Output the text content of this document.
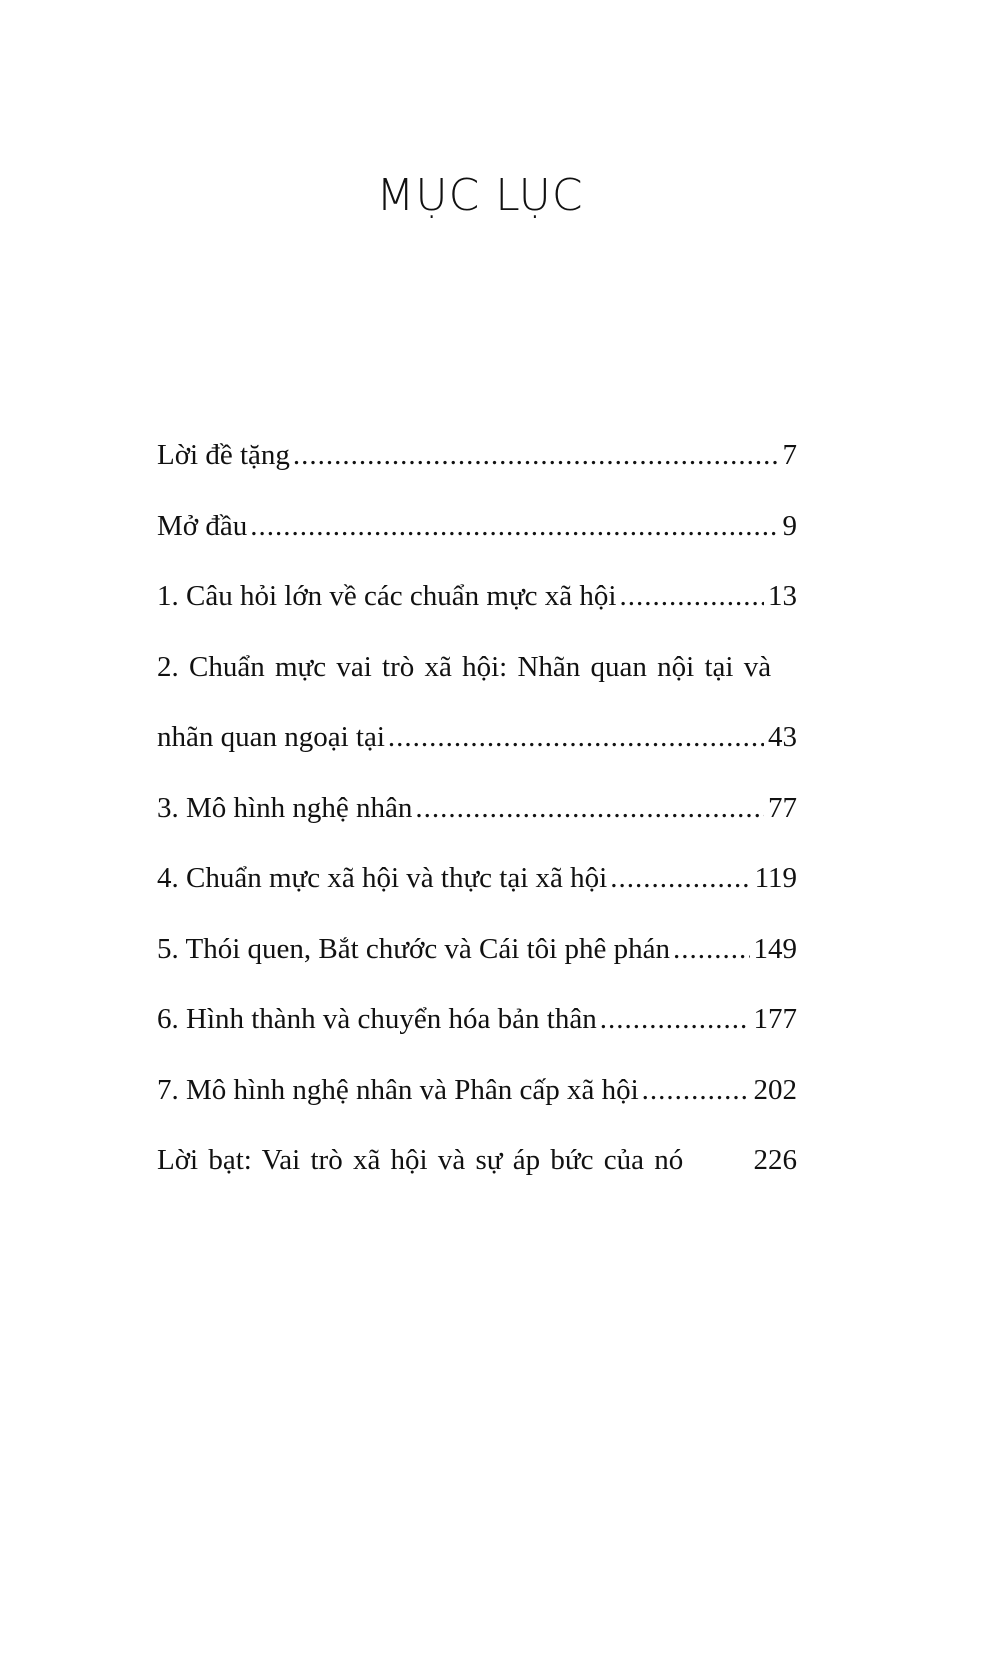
MỤC LỤC
Lời đề tặng .....	7
Mở đầu .....	9
1. Câu hỏi lớn về các chuẩn mực xã hội .....	13
2. Chuẩn mực vai trò xã hội: Nhãn quan nội tại và
nhãn quan ngoại tại .....	43
3. Mô hình nghệ nhân .....	77
4. Chuẩn mực xã hội và thực tại xã hội .....	119
5. Thói quen, Bắt chước và Cái tôi phê phán .....	149
6. Hình thành và chuyển hóa bản thân .....	177
7. Mô hình nghệ nhân và Phân cấp xã hội .....	202
Lời bạt: Vai trò xã hội và sự áp bức của nó 226
